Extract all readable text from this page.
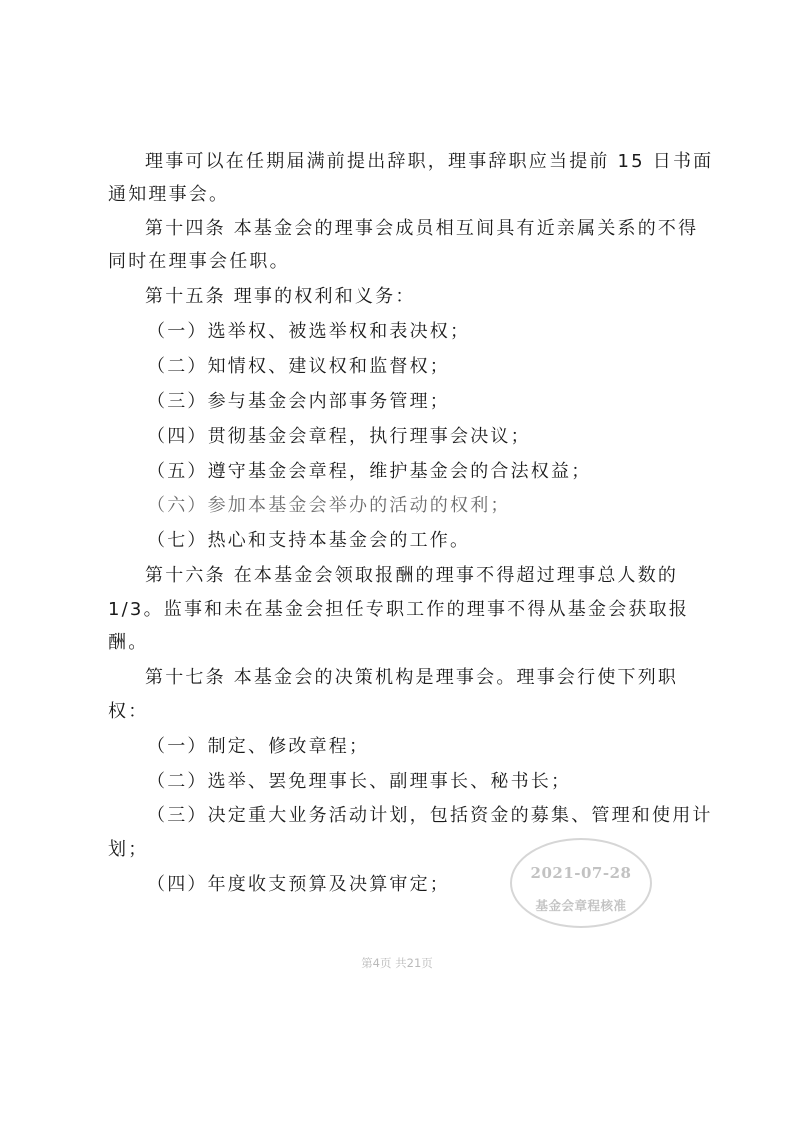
理事可以在任期届满前提出辞职，理事辞职应当提前 15 日书面
通知理事会。
第十四条 本基金会的理事会成员相互间具有近亲属关系的不得
同时在理事会任职。
第十五条 理事的权利和义务：
（一）选举权、被选举权和表决权；
（二）知情权、建议权和监督权；
（三）参与基金会内部事务管理；
（四）贯彻基金会章程，执行理事会决议；
（五）遵守基金会章程，维护基金会的合法权益；
（六）参加本基金会举办的活动的权利；
（七）热心和支持本基金会的工作。
第十六条 在本基金会领取报酬的理事不得超过理事总人数的
1/3。监事和未在基金会担任专职工作的理事不得从基金会获取报
酬。
第十七条 本基金会的决策机构是理事会。理事会行使下列职
权：
（一）制定、修改章程；
（二）选举、罢免理事长、副理事长、秘书长；
（三）决定重大业务活动计划，包括资金的募集、管理和使用计
划；
（四）年度收支预算及决算审定；
2021-07-28
基金会章程核准
第4页 共21页
